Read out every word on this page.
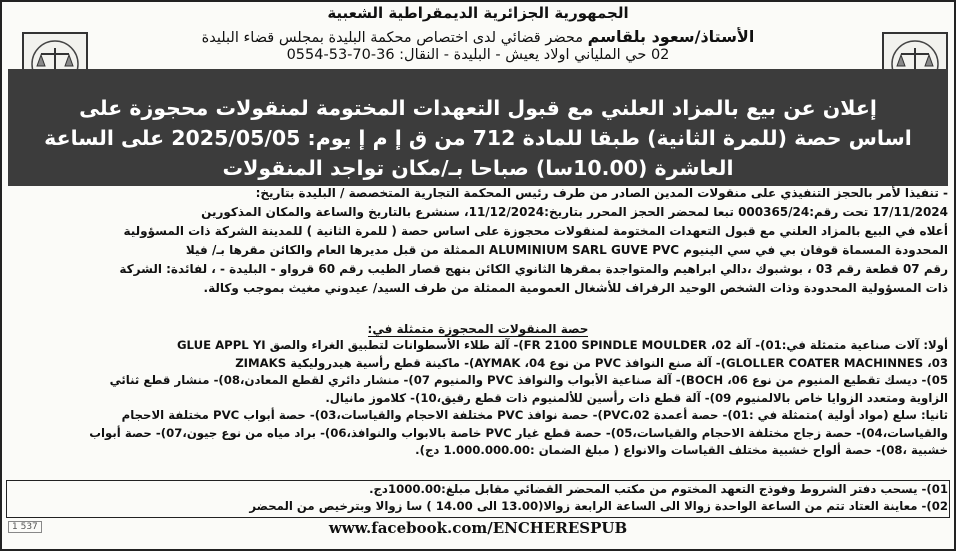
الجمهورية الجزائرية الديمقراطية الشعبية
الأستاذ/سعود بلقاسم محضر قضائي لدى اختصاص محكمة البليدة بمجلس قضاء البليدة
02 حي الملياني اولاد يعيش - البليدة - النقال: 36-70-53-0554
إعلان عن بيع بالمزاد العلني مع قبول التعهدات المختومة لمنقولات محجوزة على
اساس حصة (للمرة الثانية) طبقا للمادة 712 من ق إ م إ يوم: 2025/05/05 على الساعة
العاشرة (10.00سا) صباحا بـ/مكان تواجد المنقولات
- تنفيذا لأمر بالحجز التنفيذي على منقولات المدين الصادر من طرف رئيس المحكمة التجارية المتخصصة / البليدة بتاريخ:
17/11/2024 تحت رقم:000365/24 تبعا لمحضر الحجز المحرر بتاريخ:11/12/2024، سنشرع بالتاريخ والساعة والمكان المذكورين
أعلاه في البيع بالمزاد العلني مع قبول التعهدات المختومة لمنقولات محجوزة على اساس حصة ( للمرة الثانية ) للمدينة الشركة ذات المسؤولية
المحدودة المسماة قوفان بي في سي الينيوم ALUMINIUM SARL GUVE PVC الممثلة من قبل مديرها العام والكائن مقرها بـ/ فيلا
رقم 07 قطعة رقم 03 ، بوشبوك ،دالي ابراهيم والمتواجدة بمقرها الثانوي الكائن بنهج قصار الطيب رقم 60 قرواو - البليدة - ، لفائدة: الشركة
ذات المسؤولية المحدودة وذات الشخص الوحيد الرفراف للأشغال العمومية الممثلة من طرف السيد/ عيدوني مغيث بموجب وكالة.
حصة المنقولات المحجوزة متمثلة في:
أولا: آلات صناعية متمثلة في:01)- آلة FR 2100 SPINDLE MOULDER ،02)- آلة طلاء الأسطوانات لتطبيق الغراء والصق GLUE APPL YI
GLOLLER COATER MACHINNES ،03)- آلة صنع النوافذ PVC من نوع AYMAK ،04)- ماكينة قطع رأسية هيدروليكية ZIMAKS
05)- ديسك تقطيع المنيوم من نوع BOCH ،06)- آلة صناعية الأبواب والنوافذ PVC والمنيوم 07)- منشار دائري لقطع المعادن،08)- منشار قطع ثنائي
الزاوية ومتعدد الزوايا خاص بالالمنيوم 09)- آلة قطع ذات رأسين للألمنيوم ذات قطع رقيق،10)- كلاموز مانيال.
ثانيا: سلع (مواد أولية )متمثلة في :01)- حصة أعمدة PVC،02)- حصة نوافذ PVC مختلفة الاحجام والقياسات،03)- حصة أبواب PVC مختلفة الاحجام
والقياسات،04)- حصة زجاج مختلفة الاحجام والقياسات،05)- حصة قطع غيار PVC خاصة بالابواب والنوافذ،06)- براد مياه من نوع جيون،07)- حصة أبواب
خشبية ،08)- حصة ألواح خشبية مختلف القياسات والانواع ( مبلغ الضمان :1.000.000.00 دج).
01)- يسحب دفتر الشروط وفوذج التعهد المختوم من مكتب المحضر القضائي مقابل مبلغ:1000.00دج.
02)- معاينة العتاد تتم من الساعة الواحدة زوالا الى الساعة الرابعة زوالا(13.00 الى 14.00 ) سا زوالا وبترخيص من المحضر
www.facebook.com/ENCHERESPUB
1 537
